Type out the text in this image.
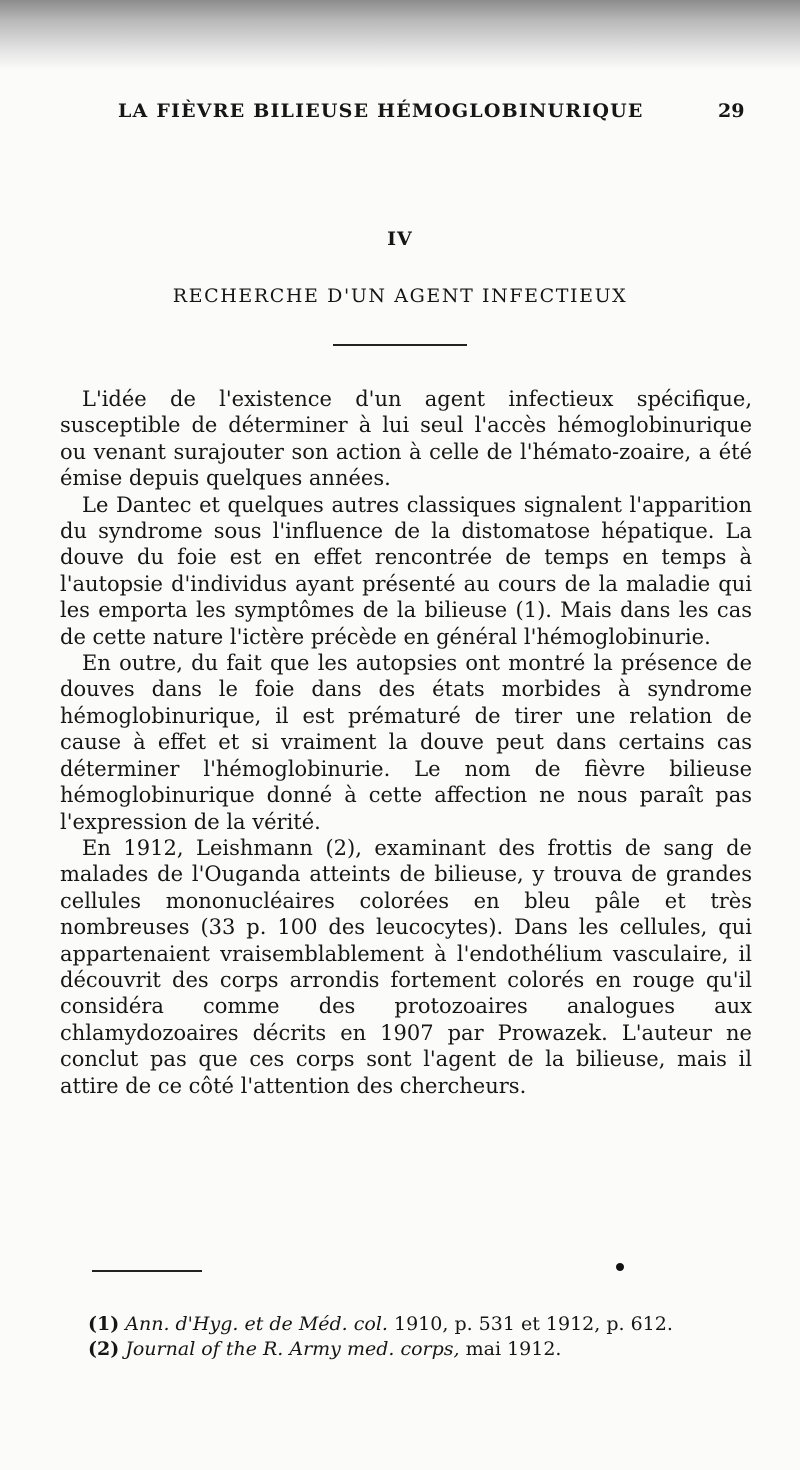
LA FIÈVRE BILIEUSE HÉMOGLOBINURIQUE	29
IV
RECHERCHE D'UN AGENT INFECTIEUX

L'idée de l'existence d'un agent infectieux spécifique, susceptible de déterminer à lui seul l'accès hémoglobinurique ou venant surajouter son action à celle de l'hémato-zoaire, a été émise depuis quelques années.

Le Dantec et quelques autres classiques signalent l'apparition du syndrome sous l'influence de la distomatose hépatique. La douve du foie est en effet rencontrée de temps en temps à l'autopsie d'individus ayant présenté au cours de la maladie qui les emporta les symptômes de la bilieuse (1). Mais dans les cas de cette nature l'ictère précède en général l'hémoglobinurie.

En outre, du fait que les autopsies ont montré la présence de douves dans le foie dans des états morbides à syndrome hémoglobinurique, il est prématuré de tirer une relation de cause à effet et si vraiment la douve peut dans certains cas déterminer l'hémoglobinurie. Le nom de fièvre bilieuse hémoglobinurique donné à cette affection ne nous paraît pas l'expression de la vérité.

En 1912, Leishmann (2), examinant des frottis de sang de malades de l'Ouganda atteints de bilieuse, y trouva de grandes cellules mononucléaires colorées en bleu pâle et très nombreuses (33 p. 100 des leucocytes). Dans les cellules, qui appartenaient vraisemblablement à l'endothélium vasculaire, il découvrit des corps arrondis fortement colorés en rouge qu'il considéra comme des protozoaires analogues aux chlamydozoaires décrits en 1907 par Prowazek. L'auteur ne conclut pas que ces corps sont l'agent de la bilieuse, mais il attire de ce côté l'attention des chercheurs.

(1) Ann. d'Hyg. et de Méd. col. 1910, p. 531 et 1912, p. 612.

(2) Journal of the R. Army med. corps, mai 1912.
